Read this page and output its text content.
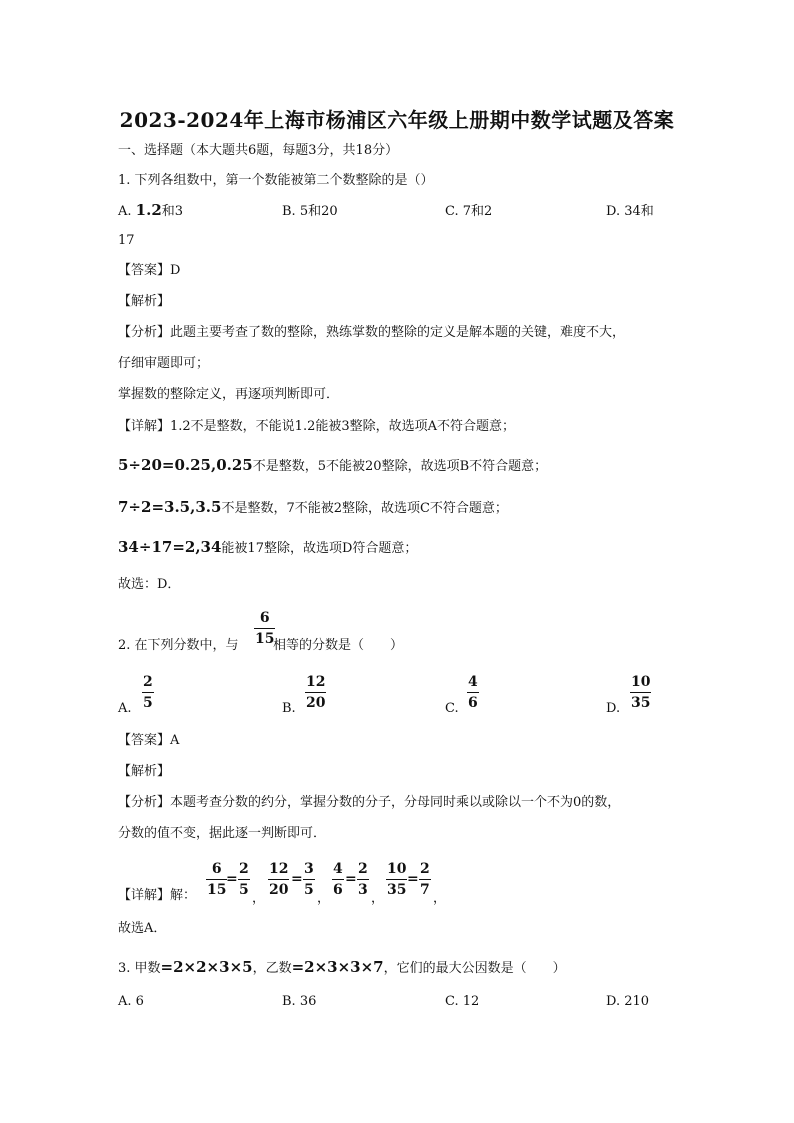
2023-2024年上海市杨浦区六年级上册期中数学试题及答案
一、选择题（本大题共6题，每题3分，共18分）
1. 下列各组数中，第一个数能被第二个数整除的是（）
A. 1.2和3	B. 5和20	C. 7和2	D. 34和
17
【答案】D
【解析】
【分析】此题主要考查了数的整除，熟练掌数的整除的定义是解本题的关键，难度不大，
仔细审题即可；
掌握数的整除定义，再逐项判断即可．
【详解】1.2不是整数，不能说1.2能被3整除，故选项A不符合题意；
5÷20=0.25,0.25不是整数，5不能被20整除，故选项B不符合题意；
7÷2=3.5,3.5不是整数，7不能被2整除，故选项C不符合题意；
34÷17=2,34能被17整除，故选项D符合题意；
故选：D．
2. 在下列分数中，与
6
15
相等的分数是（　　）
A.
2
5	B.
12
20	C.
4
6	D.
10
35
【答案】A
【解析】
【分析】本题考查分数的约分，掌握分数的分子，分母同时乘以或除以一个不为0的数，
分数的值不变，据此逐一判断即可．
【详解】解：
6
15
=
2
5
，
12
20
=
3
5
，
4
6
=
2
3
，
10
35
=
2
7
，
故选A．
3. 甲数=2×2×3×5，乙数=2×3×3×7，它们的最大公因数是（　　）
A. 6	B. 36	C. 12	D. 210
